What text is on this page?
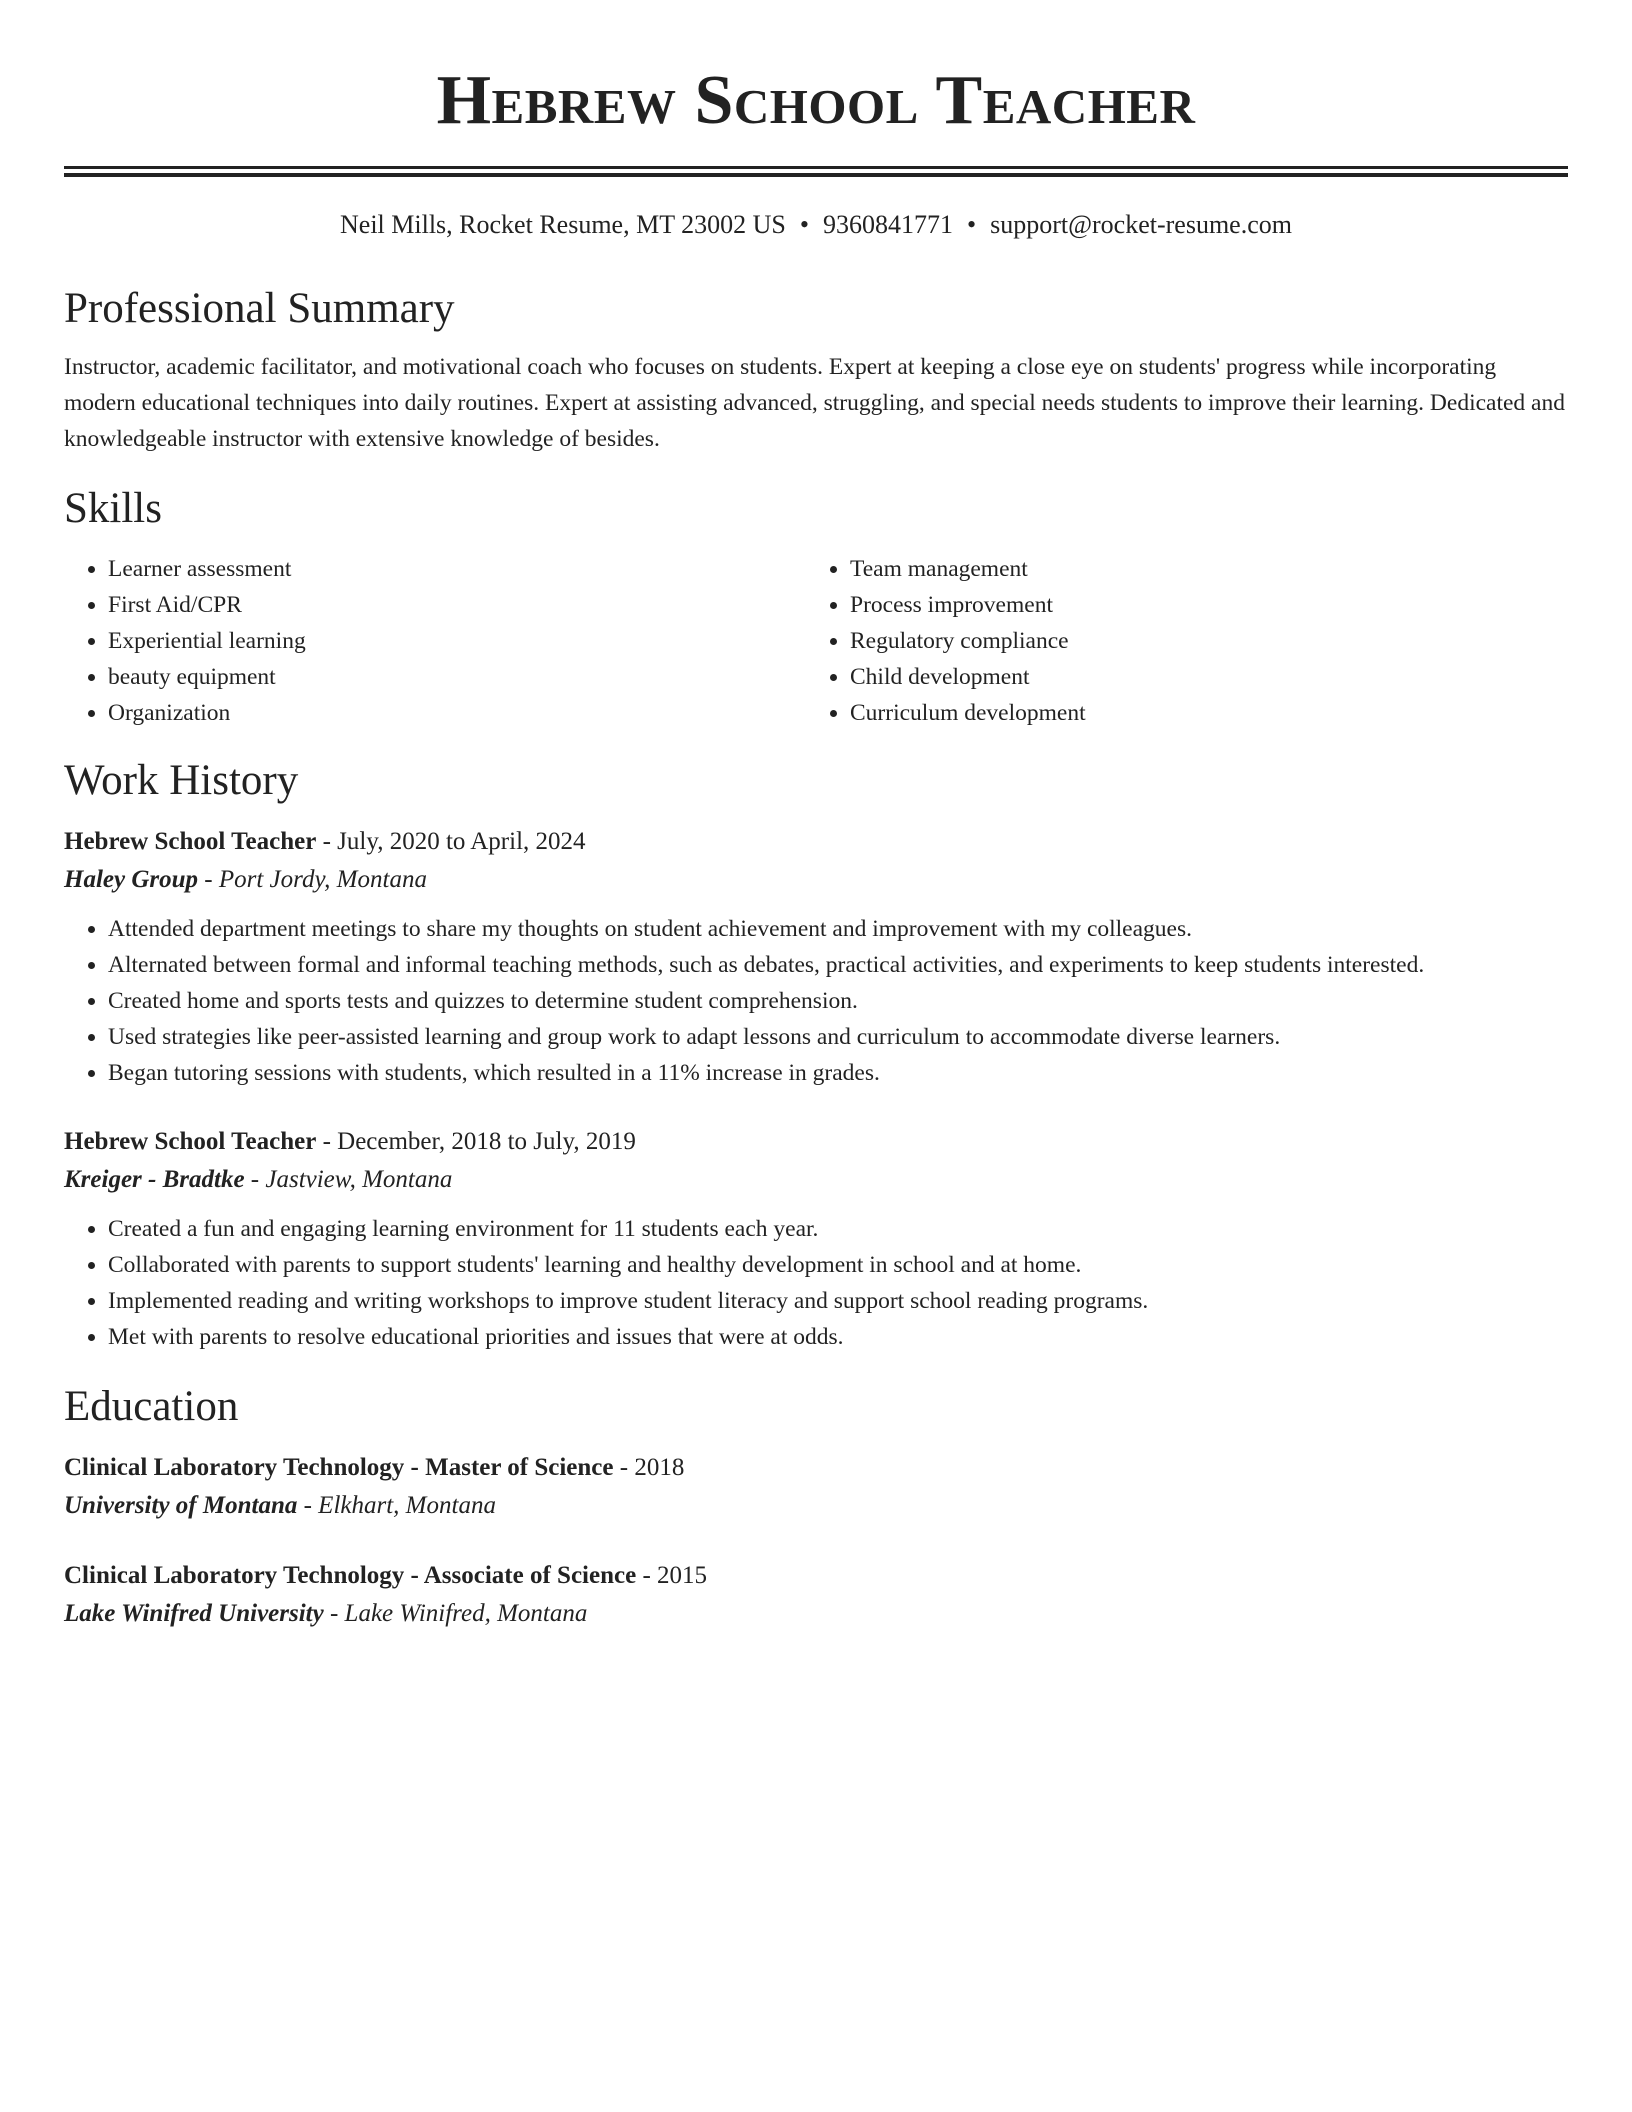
Hebrew School Teacher
Neil Mills, Rocket Resume, MT 23002 US • 9360841771 • support@rocket-resume.com
Professional Summary

Instructor, academic facilitator, and motivational coach who focuses on students. Expert at keeping a close eye on students' progress while incorporating modern educational techniques into daily routines. Expert at assisting advanced, struggling, and special needs students to improve their learning. Dedicated and knowledgeable instructor with extensive knowledge of besides.

Skills
• Learner assessment
• First Aid/CPR
• Experiential learning
• beauty equipment
• Organization
• Team management
• Process improvement
• Regulatory compliance
• Child development
• Curriculum development
Work History

Hebrew School Teacher - July, 2020 to April, 2024

Haley Group - Port Jordy, Montana

• Attended department meetings to share my thoughts on student achievement and improvement with my colleagues.
• Alternated between formal and informal teaching methods, such as debates, practical activities, and experiments to keep students interested.
• Created home and sports tests and quizzes to determine student comprehension.
• Used strategies like peer-assisted learning and group work to adapt lessons and curriculum to accommodate diverse learners.
• Began tutoring sessions with students, which resulted in a 11% increase in grades.

Hebrew School Teacher - December, 2018 to July, 2019

Kreiger - Bradtke - Jastview, Montana

• Created a fun and engaging learning environment for 11 students each year.
• Collaborated with parents to support students' learning and healthy development in school and at home.
• Implemented reading and writing workshops to improve student literacy and support school reading programs.
• Met with parents to resolve educational priorities and issues that were at odds.
Education

Clinical Laboratory Technology - Master of Science - 2018

University of Montana - Elkhart, Montana

Clinical Laboratory Technology - Associate of Science - 2015

Lake Winifred University - Lake Winifred, Montana
